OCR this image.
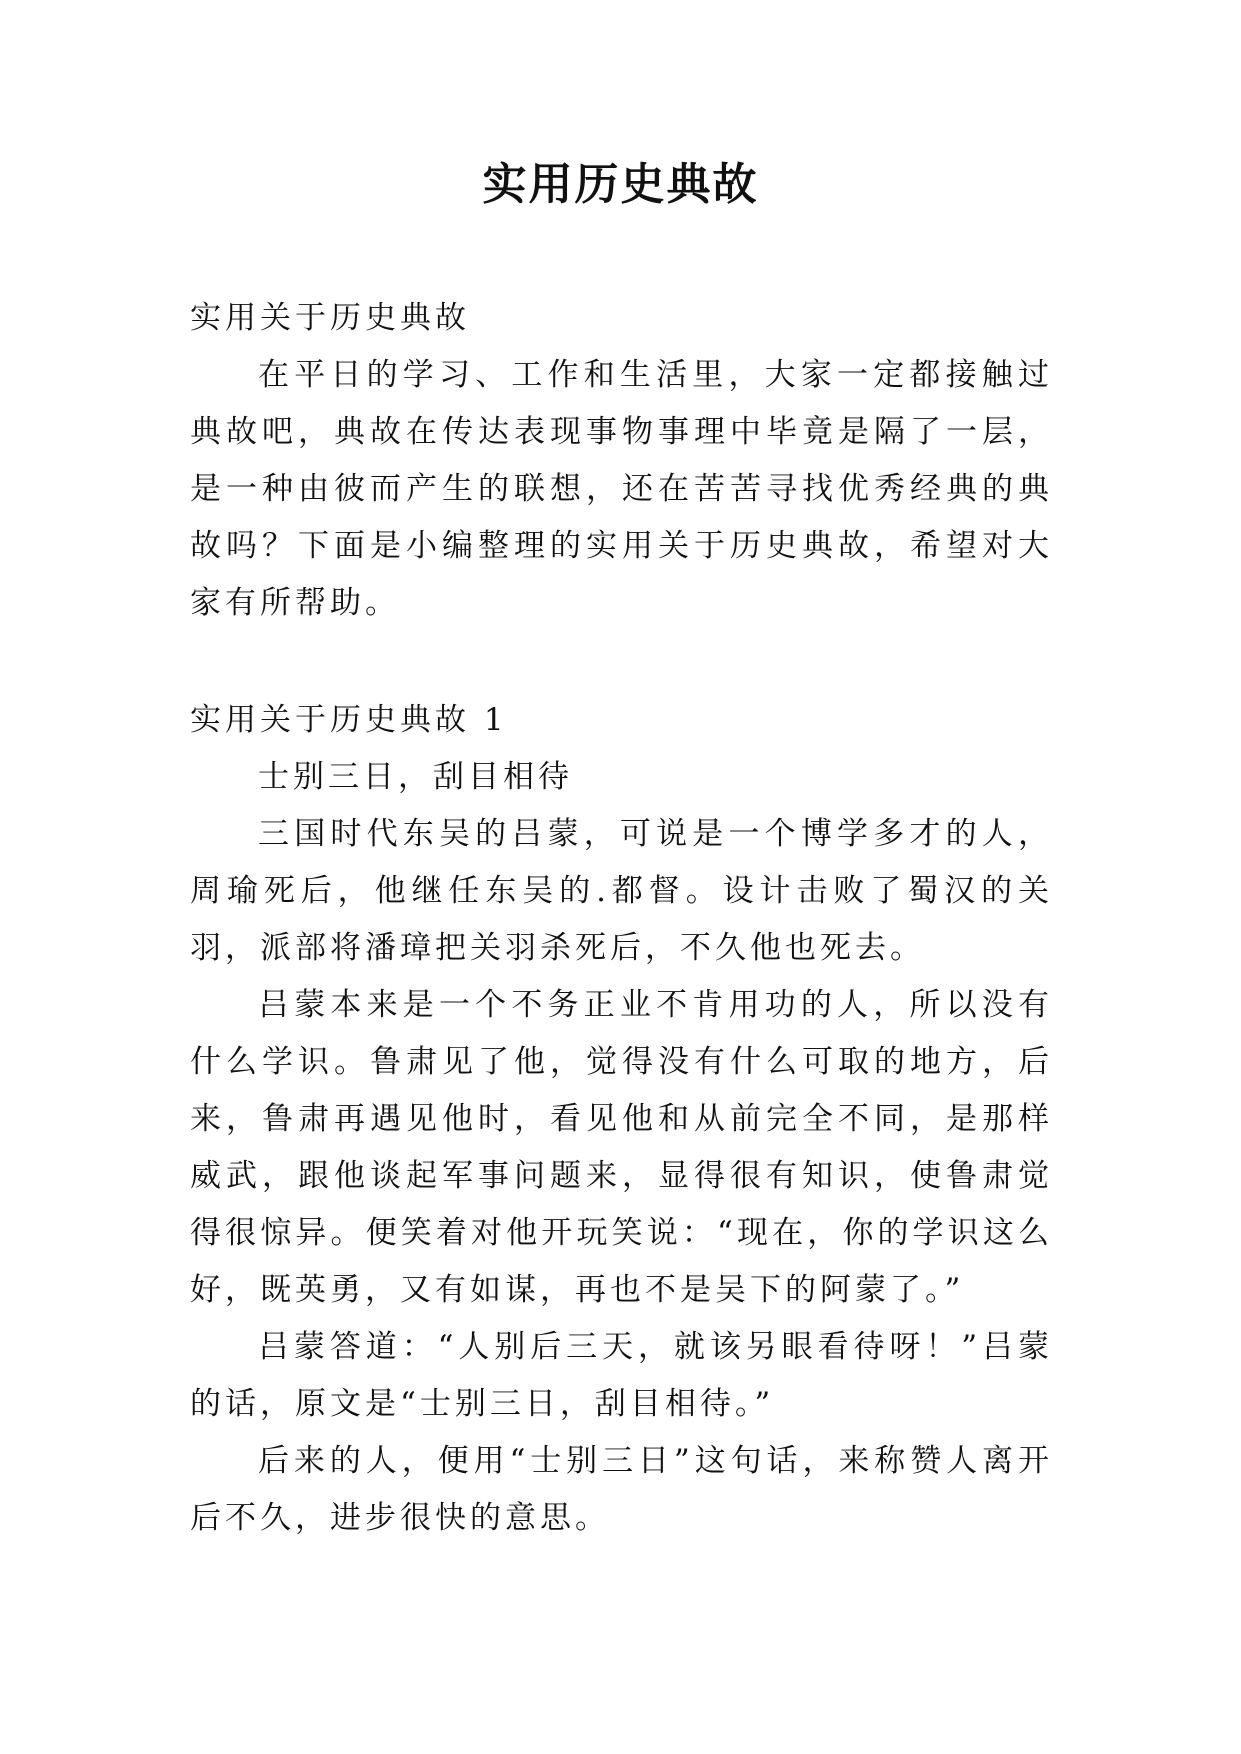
实用历史典故

实用关于历史典故

在平日的学习、工作和生活里，大家一定都接触过典故吧，典故在传达表现事物事理中毕竟是隔了一层，是一种由彼而产生的联想，还在苦苦寻找优秀经典的典故吗？下面是小编整理的实用关于历史典故，希望对大家有所帮助。

实用关于历史典故 1

士别三日，刮目相待

三国时代东吴的吕蒙，可说是一个博学多才的人，周瑜死后，他继任东吴的.都督。设计击败了蜀汉的关羽，派部将潘璋把关羽杀死后，不久他也死去。

吕蒙本来是一个不务正业不肯用功的人，所以没有什么学识。鲁肃见了他，觉得没有什么可取的地方，后来，鲁肃再遇见他时，看见他和从前完全不同，是那样威武，跟他谈起军事问题来，显得很有知识，使鲁肃觉得很惊异。便笑着对他开玩笑说：“现在，你的学识这么好，既英勇，又有如谋，再也不是吴下的阿蒙了。”

吕蒙答道：“人别后三天，就该另眼看待呀！”吕蒙的话，原文是“士别三日，刮目相待。”

后来的人，便用“士别三日”这句话，来称赞人离开后不久，进步很快的意思。
